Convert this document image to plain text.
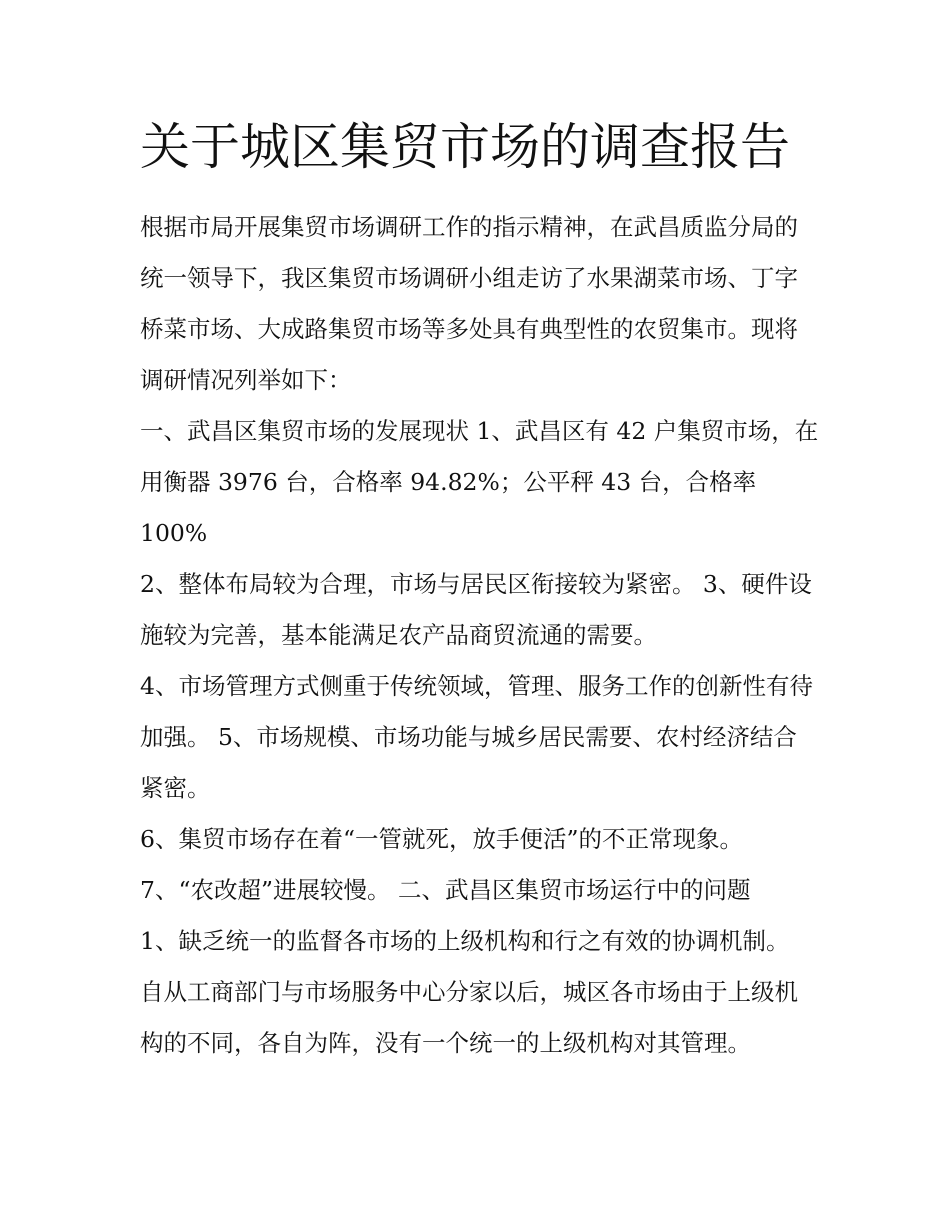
关于城区集贸市场的调查报告

根据市局开展集贸市场调研工作的指示精神，在武昌质监分局的统一领导下，我区集贸市场调研小组走访了水果湖菜市场、丁字桥菜市场、大成路集贸市场等多处具有典型性的农贸集市。现将调研情况列举如下：

一、武昌区集贸市场的发展现状 1、武昌区有 42 户集贸市场，在用衡器 3976 台，合格率 94.82%；公平秤 43 台，合格率 100%

2、整体布局较为合理，市场与居民区衔接较为紧密。 3、硬件设施较为完善，基本能满足农产品商贸流通的需要。

4、市场管理方式侧重于传统领域，管理、服务工作的创新性有待加强。 5、市场规模、市场功能与城乡居民需要、农村经济结合紧密。

6、集贸市场存在着“一管就死，放手便活”的不正常现象。

7、“农改超”进展较慢。 二、武昌区集贸市场运行中的问题

1、缺乏统一的监督各市场的上级机构和行之有效的协调机制。

自从工商部门与市场服务中心分家以后，城区各市场由于上级机构的不同，各自为阵，没有一个统一的上级机构对其管理。
